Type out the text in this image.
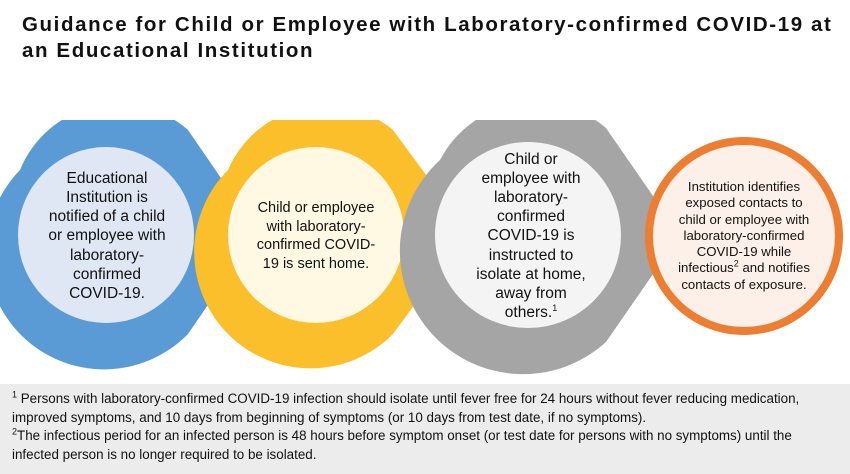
Guidance for Child or Employee with Laboratory-confirmed COVID-19 at
an Educational Institution
Educational Institution is notified of a child or employee with laboratory-confirmed COVID-19.
Child or employee with laboratory-confirmed COVID-19 is sent home.
Child or employee with laboratory-confirmed COVID-19 is instructed to isolate at home, away from others.$^1$
Institution identifies exposed contacts to child or employee with laboratory-confirmed COVID-19 while infectious$^2$ and notifies contacts of exposure.

$^1$ Persons with laboratory-confirmed COVID-19 infection should isolate until fever free for 24 hours without fever reducing medication, improved symptoms, and 10 days from beginning of symptoms (or 10 days from test date, if no symptoms).

$^2$The infectious period for an infected person is 48 hours before symptom onset (or test date for persons with no symptoms) until the infected person is no longer required to be isolated.
